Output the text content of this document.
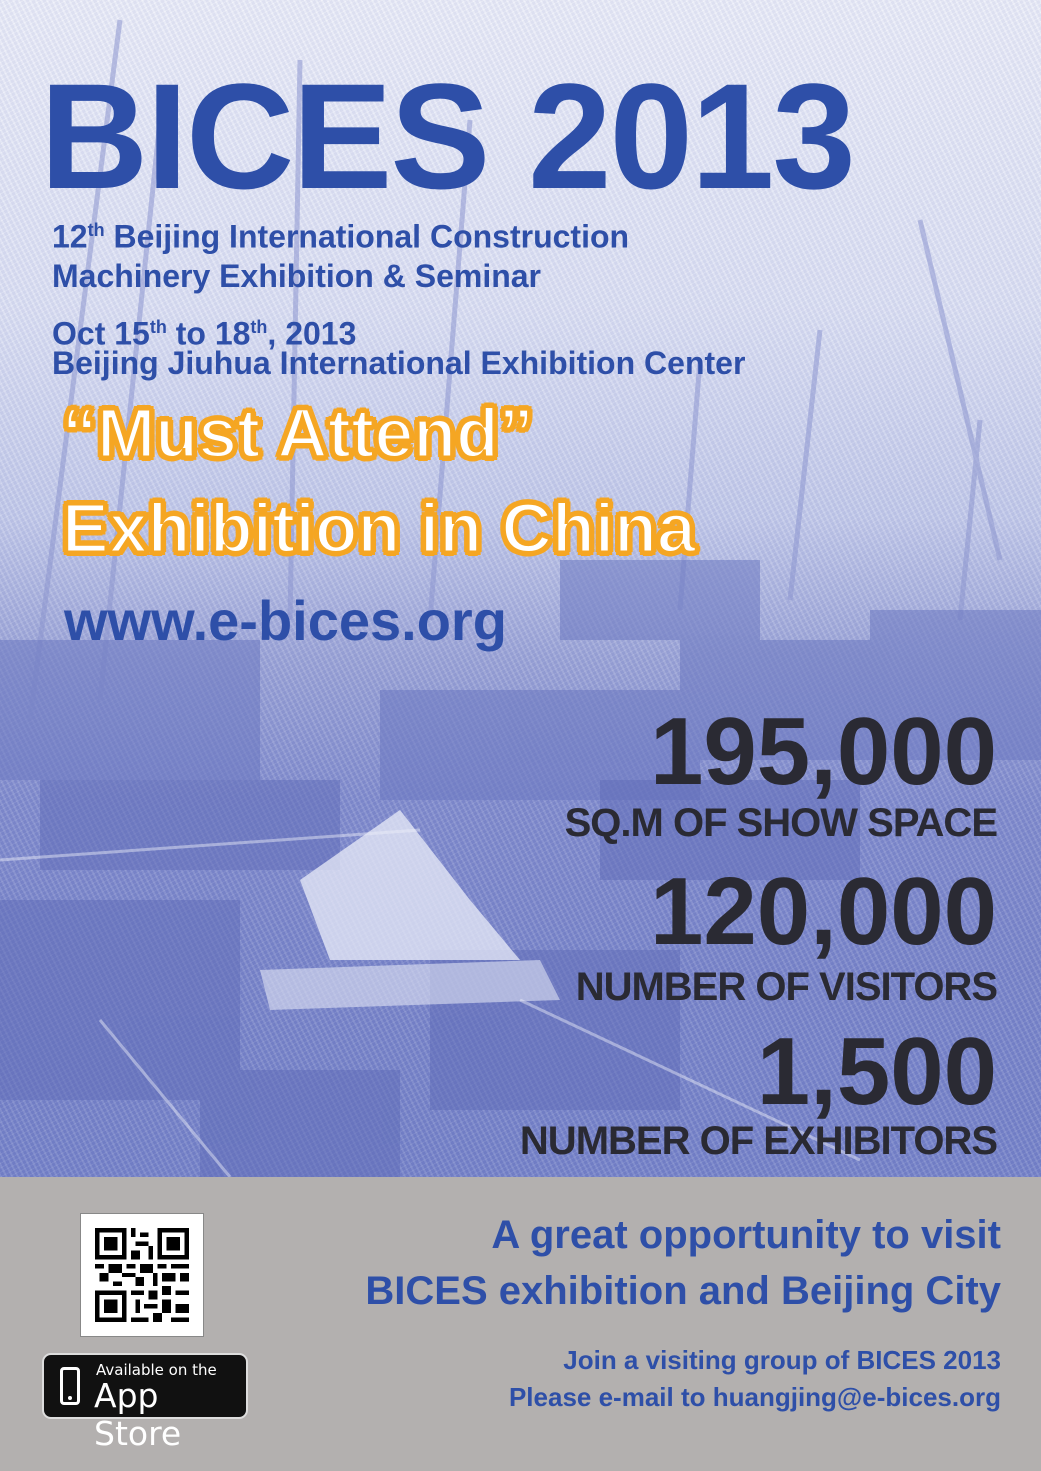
BICES 2013
12th Beijing International Construction
Machinery Exhibition & Seminar
Oct 15th to 18th, 2013
Beijing Jiuhua International Exhibition Center
“Must Attend”
Exhibition in China
www.e-bices.org
195,000
SQ.M OF SHOW SPACE
120,000
NUMBER OF VISITORS
1,500
NUMBER OF EXHIBITORS
Available on the
App Store
A great opportunity to visit
BICES exhibition and Beijing City
Join a visiting group of BICES 2013
Please e-mail to huangjing@e-bices.org
